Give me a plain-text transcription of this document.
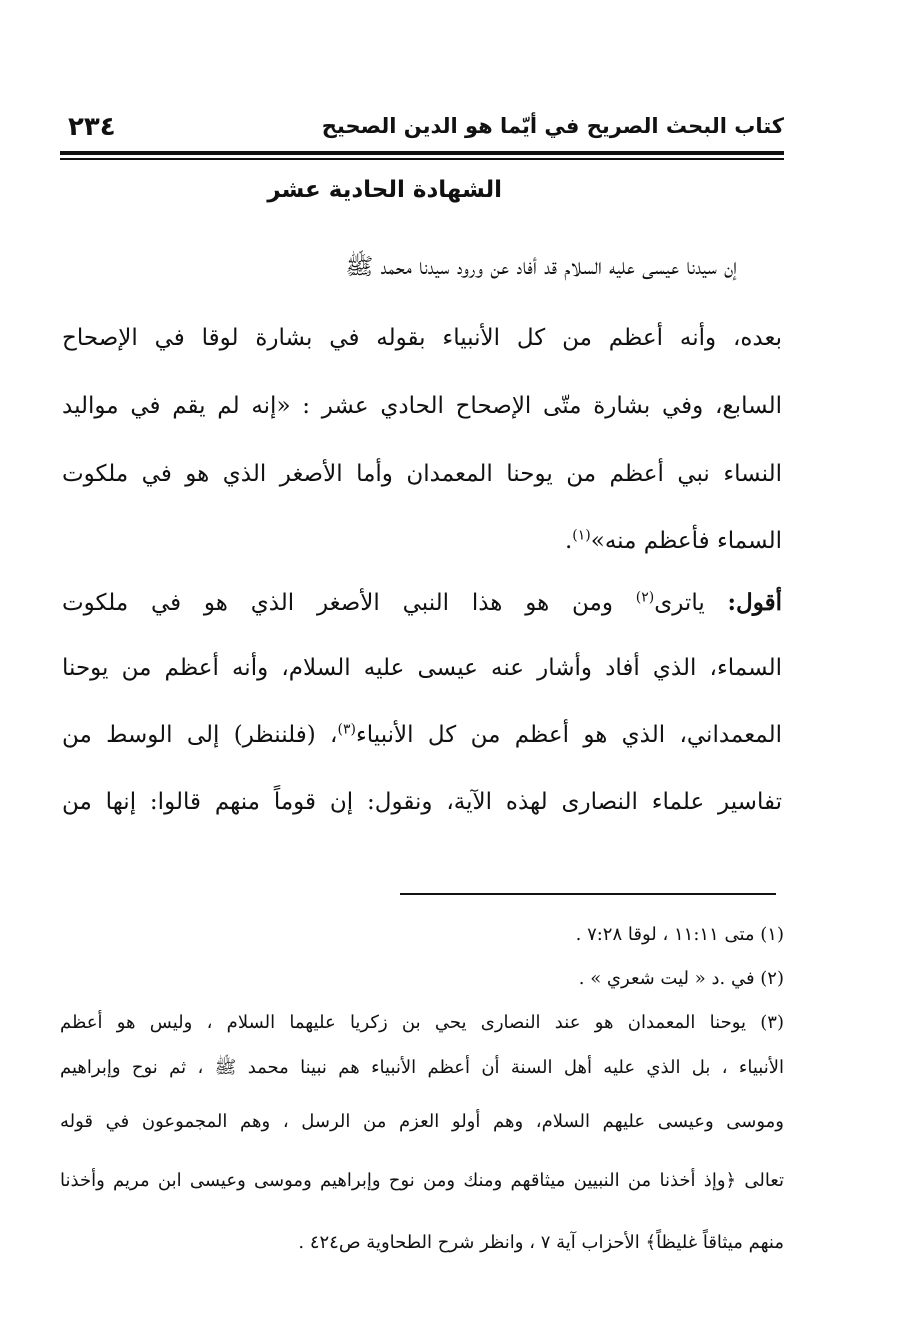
كتاب البحث الصريح في أيّما هو الدين الصحيح
٢٣٤
الشهادة الحادية عشر
إن سيدنا عيسى عليه السلام قد أفاد عن ورود سيدنا محمد ﷺ
بعده، وأنه أعظم من كل الأنبياء بقوله في بشارة لوقا في الإصحاح
السابع، وفي بشارة متّى الإصحاح الحادي عشر : «إنه لم يقم في مواليد
النساء نبي أعظم من يوحنا المعمدان وأما الأصغر الذي هو في ملكوت
السماء فأعظم منه»$^{(١)}$.
أقول: ياترى$^{(٢)}$ ومن هو هذا النبي الأصغر الذي هو في ملكوت
السماء، الذي أفاد وأشار عنه عيسى عليه السلام، وأنه أعظم من يوحنا
المعمداني، الذي هو أعظم من كل الأنبياء$^{(٣)}$، (فلننظر) إلى الوسط من
تفاسير علماء النصارى لهذه الآية، ونقول: إن قوماً منهم قالوا: إنها من
(١) متى ١١:١١ ، لوقا ٧:٢٨ .
(٢) في .د « ليت شعري » .
(٣) يوحنا المعمدان هو عند النصارى يحي بن زكريا عليهما السلام ، وليس هو أعظم
الأنبياء ، بل الذي عليه أهل السنة أن أعظم الأنبياء هم نبينا محمد ﷺ ، ثم نوح وإبراهيم
وموسى وعيسى عليهم السلام، وهم أولو العزم من الرسل ، وهم المجموعون في قوله
تعالى ﴿وإذ أخذنا من النبيين ميثاقهم ومنك ومن نوح وإبراهيم وموسى وعيسى ابن مريم وأخذنا
منهم ميثاقاً غليظاً﴾ الأحزاب آية ٧ ، وانظر شرح الطحاوية ص٤٢٤ .
